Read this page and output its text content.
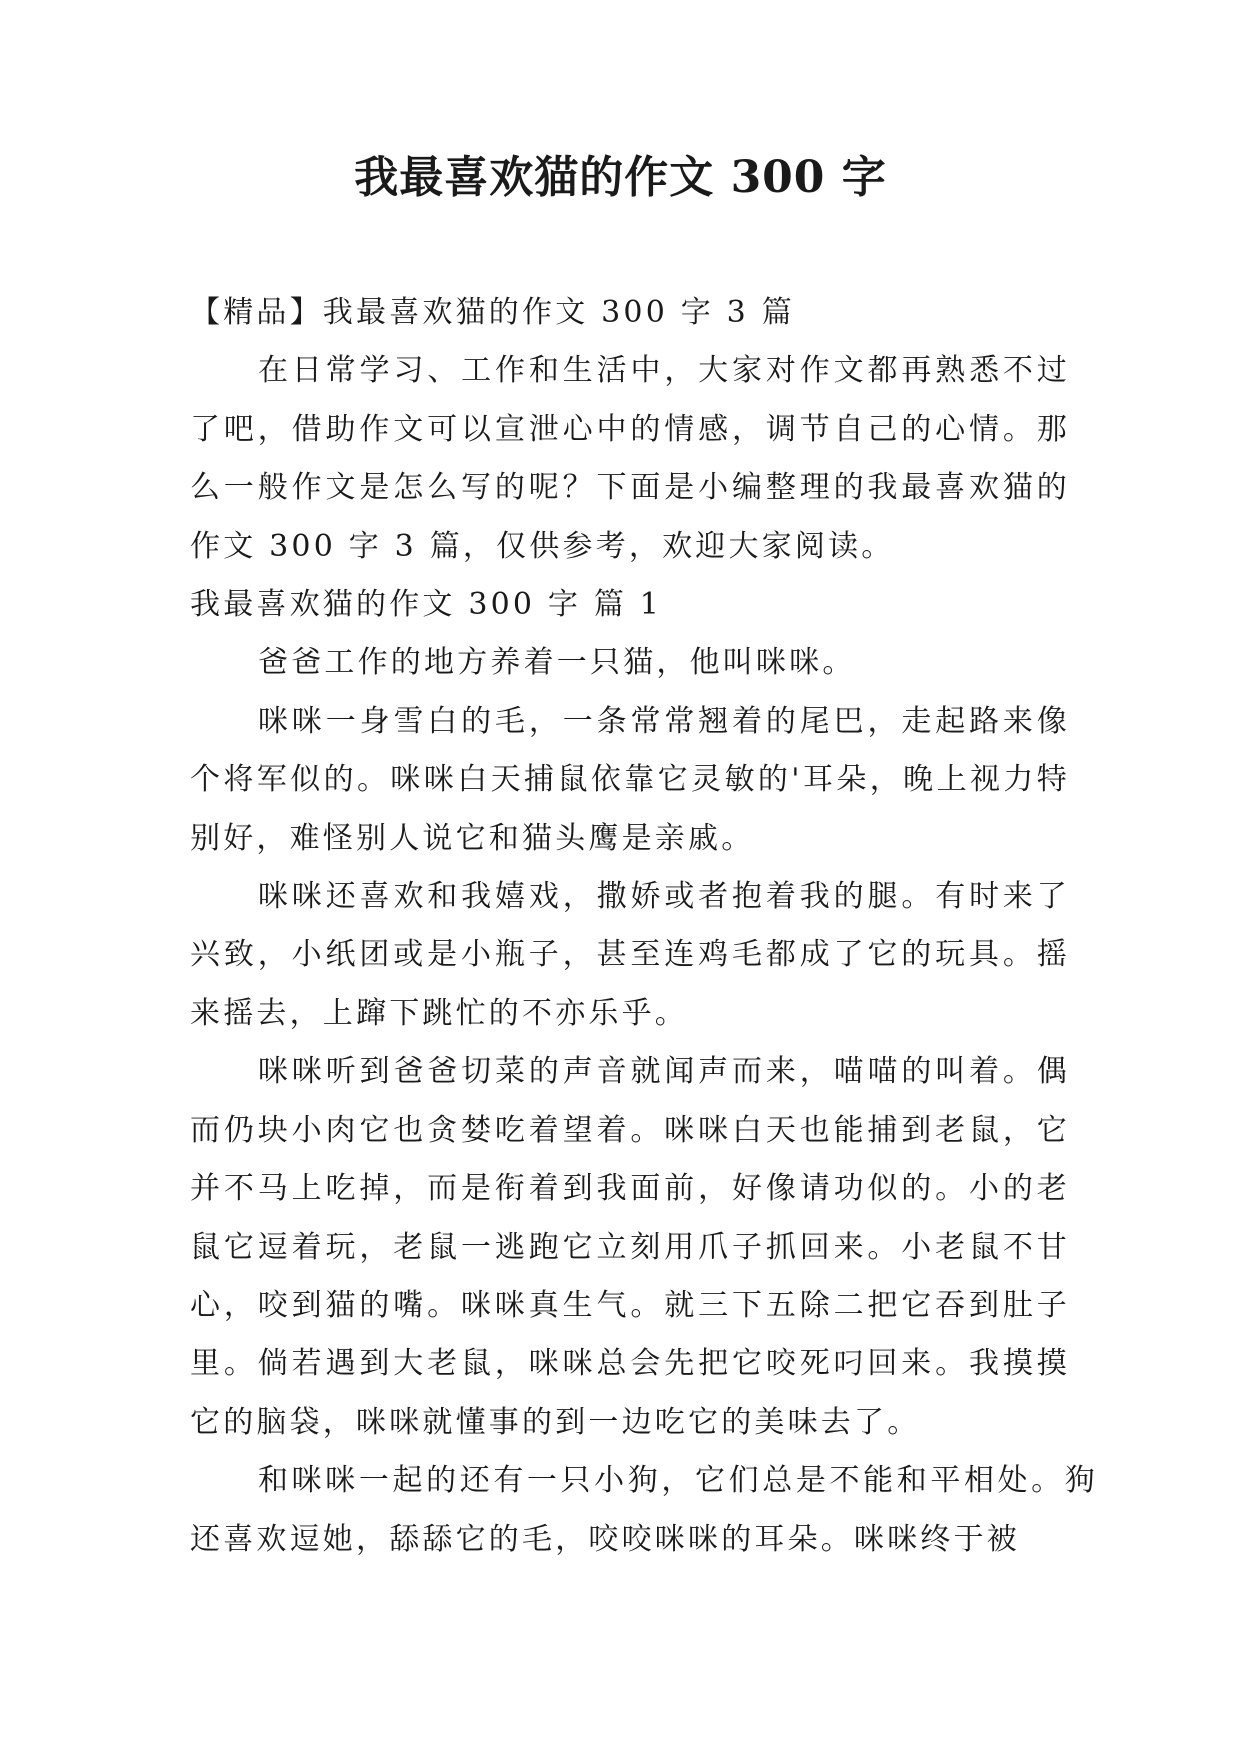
我最喜欢猫的作文 300 字

【精品】我最喜欢猫的作文 300 字 3 篇

在日常学习、工作和生活中，大家对作文都再熟悉不过了吧，借助作文可以宣泄心中的情感，调节自己的心情。那么一般作文是怎么写的呢？下面是小编整理的我最喜欢猫的作文 300 字 3 篇，仅供参考，欢迎大家阅读。

我最喜欢猫的作文 300 字 篇 1

爸爸工作的地方养着一只猫，他叫咪咪。

咪咪一身雪白的毛，一条常常翘着的尾巴，走起路来像个将军似的。咪咪白天捕鼠依靠它灵敏的'耳朵，晚上视力特别好，难怪别人说它和猫头鹰是亲戚。

咪咪还喜欢和我嬉戏，撒娇或者抱着我的腿。有时来了兴致，小纸团或是小瓶子，甚至连鸡毛都成了它的玩具。摇来摇去，上蹿下跳忙的不亦乐乎。

咪咪听到爸爸切菜的声音就闻声而来，喵喵的叫着。偶而仍块小肉它也贪婪吃着望着。咪咪白天也能捕到老鼠，它并不马上吃掉，而是衔着到我面前，好像请功似的。小的老鼠它逗着玩，老鼠一逃跑它立刻用爪子抓回来。小老鼠不甘心，咬到猫的嘴。咪咪真生气。就三下五除二把它吞到肚子里。倘若遇到大老鼠，咪咪总会先把它咬死叼回来。我摸摸它的脑袋，咪咪就懂事的到一边吃它的美味去了。

和咪咪一起的还有一只小狗，它们总是不能和平相处。狗还喜欢逗她，舔舔它的毛，咬咬咪咪的耳朵。咪咪终于被
